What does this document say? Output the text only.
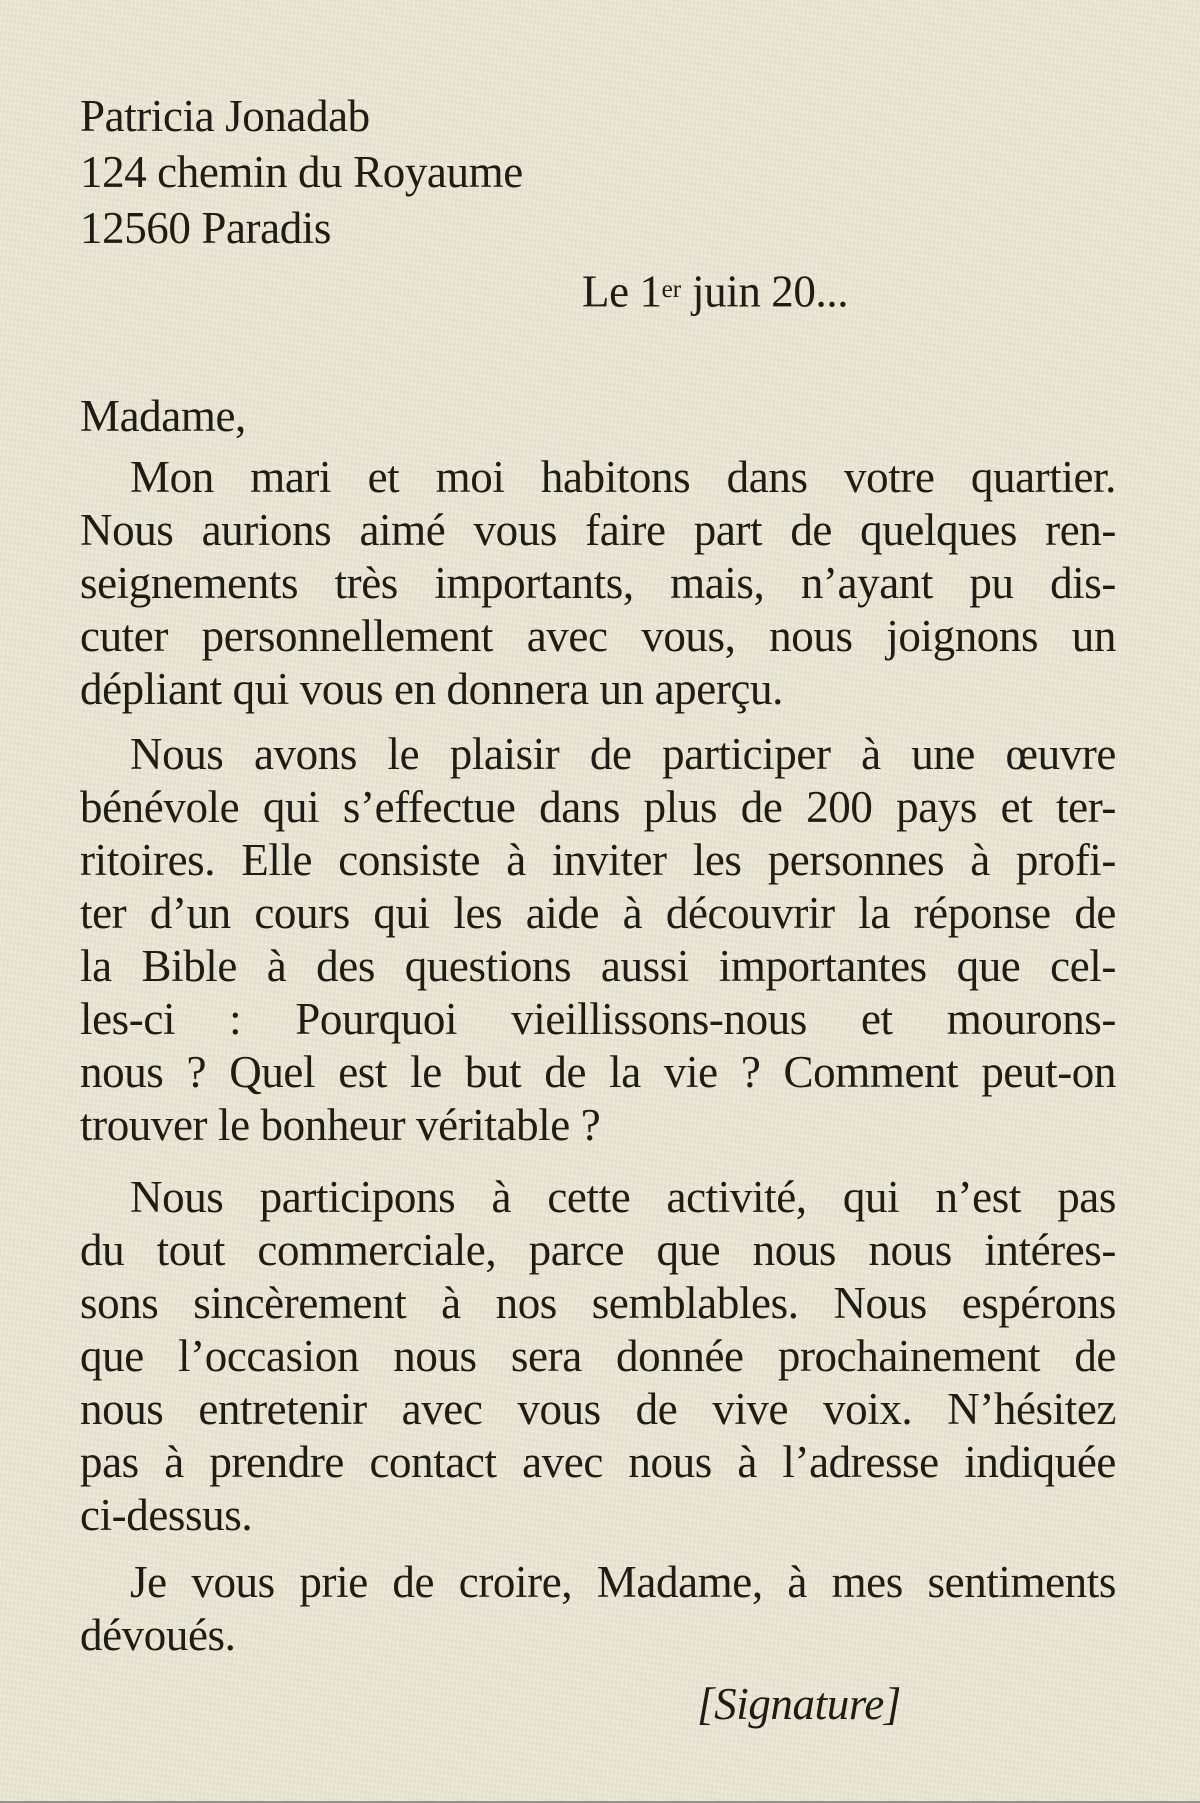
Patricia Jonadab
124 chemin du Royaume
12560 Paradis
Le 1er juin 20...
Madame,
Mon mari et moi habitons dans votre quartier.
Nous aurions aimé vous faire part de quelques ren-
seignements très importants, mais, n’ayant pu dis-
cuter personnellement avec vous, nous joignons un
dépliant qui vous en donnera un aperçu.
Nous avons le plaisir de participer à une œuvre
bénévole qui s’effectue dans plus de 200 pays et ter-
ritoires. Elle consiste à inviter les personnes à profi-
ter d’un cours qui les aide à découvrir la réponse de
la Bible à des questions aussi importantes que cel-
les-ci : Pourquoi vieillissons-nous et mourons-
nous ? Quel est le but de la vie ? Comment peut-on
trouver le bonheur véritable ?
Nous participons à cette activité, qui n’est pas
du tout commerciale, parce que nous nous intéres-
sons sincèrement à nos semblables. Nous espérons
que l’occasion nous sera donnée prochainement de
nous entretenir avec vous de vive voix. N’hésitez
pas à prendre contact avec nous à l’adresse indiquée
ci-dessus.
Je vous prie de croire, Madame, à mes sentiments
dévoués.
[Signature]
